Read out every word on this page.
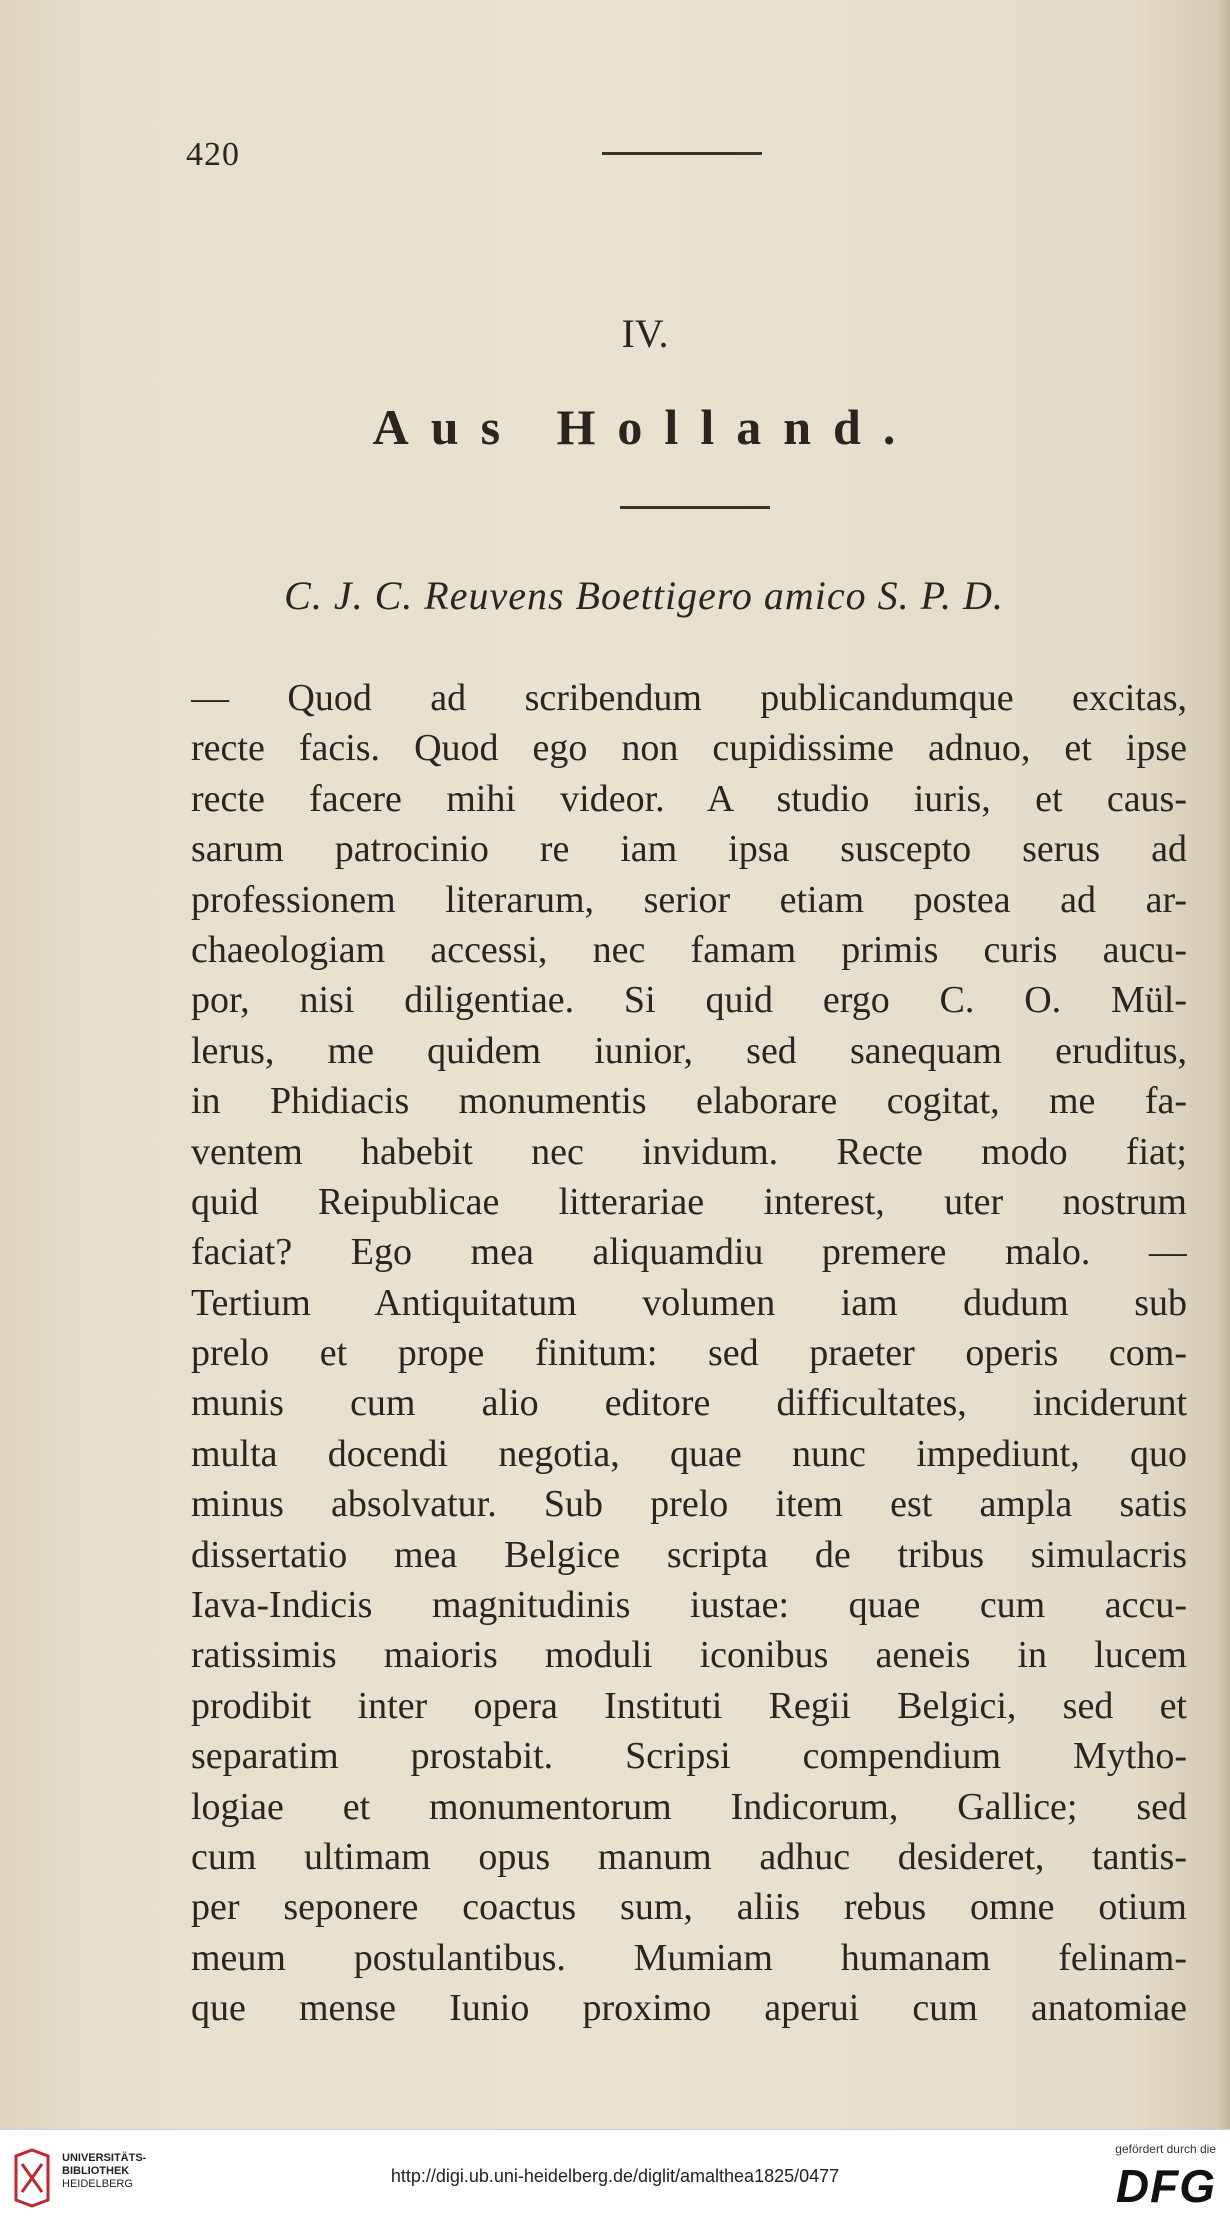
420
IV.
Aus Holland.
C. J. C. Reuvens Boettigero amico S. P. D.
— Quod ad scribendum publicandumque excitas,
recte facis. Quod ego non cupidissime adnuo, et ipse
recte facere mihi videor. A studio iuris, et caus-
sarum patrocinio re iam ipsa suscepto serus ad
professionem literarum, serior etiam postea ad ar-
chaeologiam accessi, nec famam primis curis aucu-
por, nisi diligentiae. Si quid ergo C. O. Mül-
lerus, me quidem iunior, sed sanequam eruditus,
in Phidiacis monumentis elaborare cogitat, me fa-
ventem habebit nec invidum. Recte modo fiat;
quid Reipublicae litterariae interest, uter nostrum
faciat? Ego mea aliquamdiu premere malo. —
Tertium Antiquitatum volumen iam dudum sub
prelo et prope finitum: sed praeter operis com-
munis cum alio editore difficultates, inciderunt
multa docendi negotia, quae nunc impediunt, quo
minus absolvatur. Sub prelo item est ampla satis
dissertatio mea Belgice scripta de tribus simulacris
Iava-Indicis magnitudinis iustae: quae cum accu-
ratissimis maioris moduli iconibus aeneis in lucem
prodibit inter opera Instituti Regii Belgici, sed et
separatim prostabit. Scripsi compendium Mytho-
logiae et monumentorum Indicorum, Gallice; sed
cum ultimam opus manum adhuc desideret, tantis-
per seponere coactus sum, aliis rebus omne otium
meum postulantibus. Mumiam humanam felinam-
que mense Iunio proximo aperui cum anatomiae
UNIVERSITÄTS-
BIBLIOTHEK
HEIDELBERG	http://digi.ub.uni-heidelberg.de/diglit/amalthea1825/0477
gefördert durch die
DFG
